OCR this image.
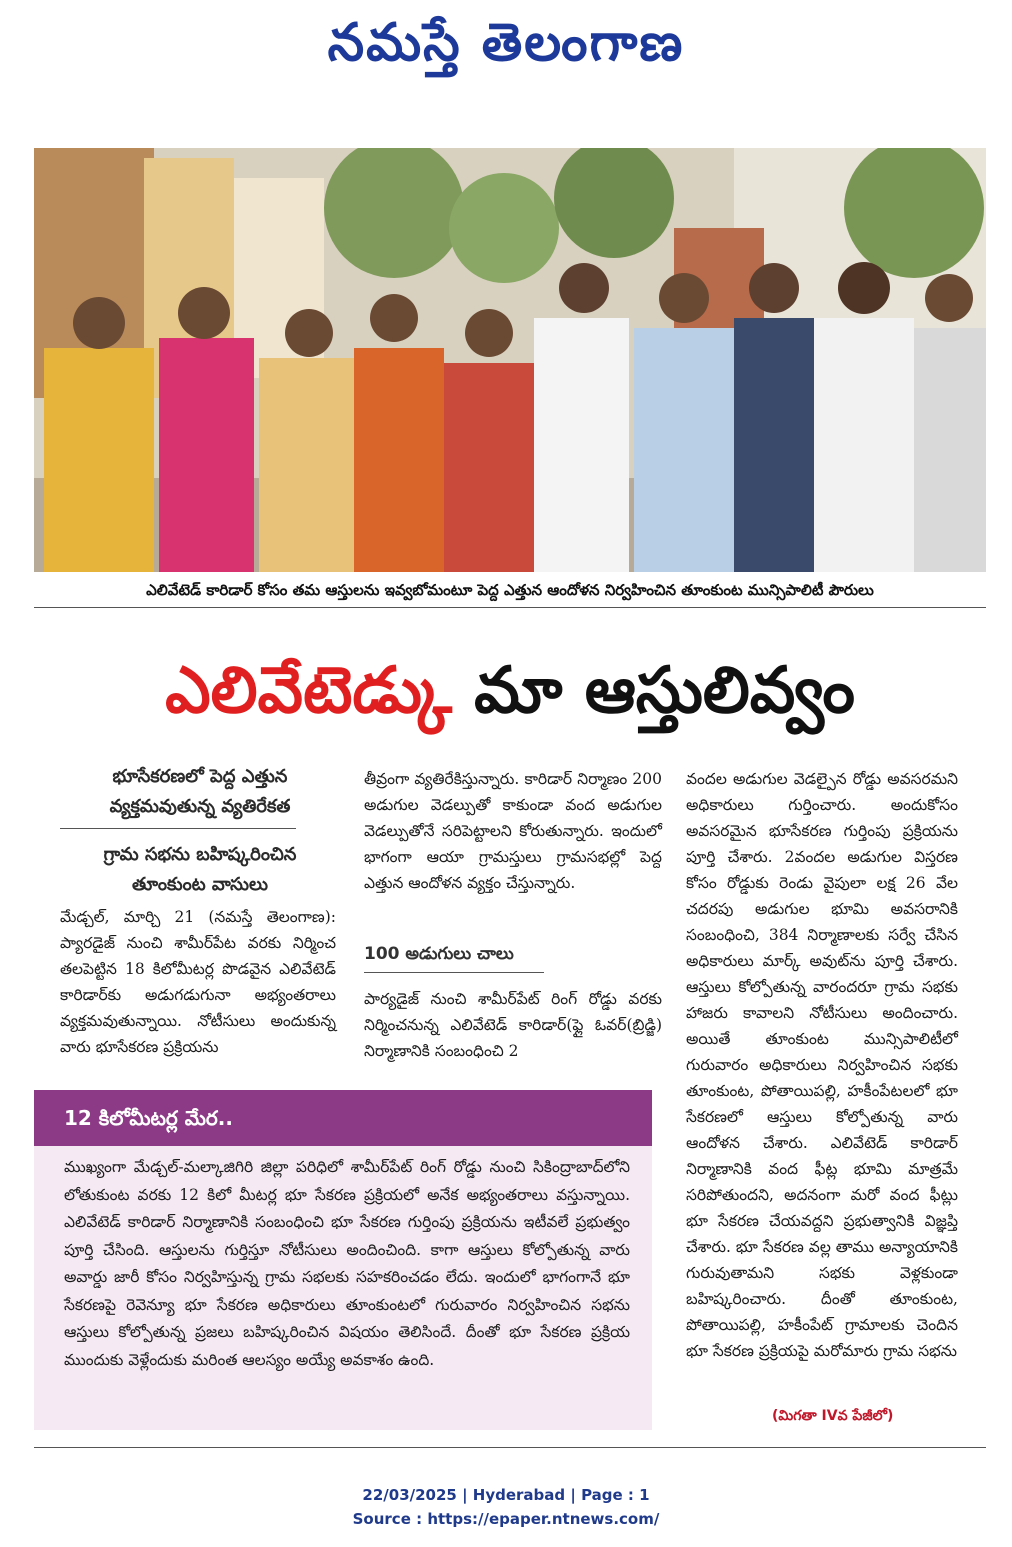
నమస్తే తెలంగాణ
ఎలివేటెడ్ కారిడార్ కోసం తమ ఆస్తులను ఇవ్వబోమంటూ పెద్ద ఎత్తున ఆందోళన నిర్వహించిన తూంకుంట మున్సిపాలిటీ పౌరులు
ఎలివేటెడ్కు మా ఆస్తులివ్వం
భూసేకరణలో పెద్ద ఎత్తున వ్యక్తమవుతున్న వ్యతిరేకత
గ్రామ సభను బహిష్కరించిన తూంకుంట వాసులు

మేడ్చల్, మార్చి 21 (నమస్తే తెలంగాణ): ప్యారడైజ్ నుంచి శామీర్‌పేట వరకు నిర్మించ తలపెట్టిన 18 కిలోమీటర్ల పొడవైన ఎలివేటెడ్ కారిడార్‌కు అడుగడుగునా అభ్యంతరాలు వ్యక్తమవుతున్నాయి. నోటీసులు అందుకున్న వారు భూసేకరణ ప్రక్రియను

తీవ్రంగా వ్యతిరేకిస్తున్నారు. కారిడార్ నిర్మాణం 200 అడుగుల వెడల్పుతో కాకుండా వంద అడుగుల వెడల్పుతోనే సరిపెట్టాలని కోరుతున్నారు. ఇందులో భాగంగా ఆయా గ్రామస్తులు గ్రామసభల్లో పెద్ద ఎత్తున ఆందోళన వ్యక్తం చేస్తున్నారు.

100 అడుగులు చాలు

పార్యడైజ్ నుంచి శామీర్‌పేట్ రింగ్ రోడ్డు వరకు నిర్మించనున్న ఎలివేటెడ్ కారిడార్(ఫ్లై ఓవర్(బ్రిడ్జి) నిర్మాణానికి సంబంధించి 2

వందల అడుగుల వెడల్పైన రోడ్డు అవసరమని అధికారులు గుర్తించారు. అందుకోసం అవసరమైన భూసేకరణ గుర్తింపు ప్రక్రియను పూర్తి చేశారు. 2వందల అడుగుల విస్తరణ కోసం రోడ్డుకు రెండు వైపులా లక్ష 26 వేల చదరపు అడుగుల భూమి అవసరానికి సంబంధించి, 384 నిర్మాణాలకు సర్వే చేసిన అధికారులు మార్క్ అవుట్‌ను పూర్తి చేశారు. ఆస్తులు కోల్పోతున్న వారందరూ గ్రామ సభకు హాజరు కావాలని నోటీసులు అందించారు. అయితే తూంకుంట మున్సిపాలిటీలో గురువారం అధికారులు నిర్వహించిన సభకు తూంకుంట, పోతాయిపల్లి, హకీంపేటలలో భూ సేకరణలో ఆస్తులు కోల్పోతున్న వారు ఆందోళన చేశారు. ఎలివేటెడ్ కారిడార్ నిర్మాణానికి వంద ఫీట్ల భూమి మాత్రమే సరిపోతుందని, అదనంగా మరో వంద ఫీట్లు భూ సేకరణ చేయవద్దని ప్రభుత్వానికి విజ్ఞప్తి చేశారు. భూ సేకరణ వల్ల తాము అన్యాయానికి గురువుతామని సభకు వెళ్లకుండా బహిష్కరించారు. దీంతో తూంకుంట, పోతాయిపల్లి, హకీంపేట్ గ్రామాలకు చెందిన భూ సేకరణ ప్రక్రియపై మరోమారు గ్రామ సభను

(మిగతా IVవ పేజీలో)
12 కిలోమీటర్ల మేర..
ముఖ్యంగా మేడ్చల్-మల్కాజిగిరి జిల్లా పరిధిలో శామీర్‌పేట్ రింగ్ రోడ్డు నుంచి సికింద్రాబాద్‌లోని లోతుకుంట వరకు 12 కిలో మీటర్ల భూ సేకరణ ప్రక్రియలో అనేక అభ్యంతరాలు వస్తున్నాయి. ఎలివేటెడ్ కారిడార్ నిర్మాణానికి సంబంధించి భూ సేకరణ గుర్తింపు ప్రక్రియను ఇటీవలే ప్రభుత్వం పూర్తి చేసింది. ఆస్తులను గుర్తిస్తూ నోటీసులు అందించింది. కాగా ఆస్తులు కోల్పోతున్న వారు అవార్డు జారీ కోసం నిర్వహిస్తున్న గ్రామ సభలకు సహకరించడం లేదు. ఇందులో భాగంగానే భూ సేకరణపై రెవెన్యూ భూ సేకరణ అధికారులు తూంకుంటలో గురువారం నిర్వహించిన సభను ఆస్తులు కోల్పోతున్న ప్రజలు బహిష్కరించిన విషయం తెలిసిందే. దీంతో భూ సేకరణ ప్రక్రియ ముందుకు వెళ్లేందుకు మరింత ఆలస్యం అయ్యే అవకాశం ఉంది.
22/03/2025 | Hyderabad | Page : 1
Source : https://epaper.ntnews.com/
